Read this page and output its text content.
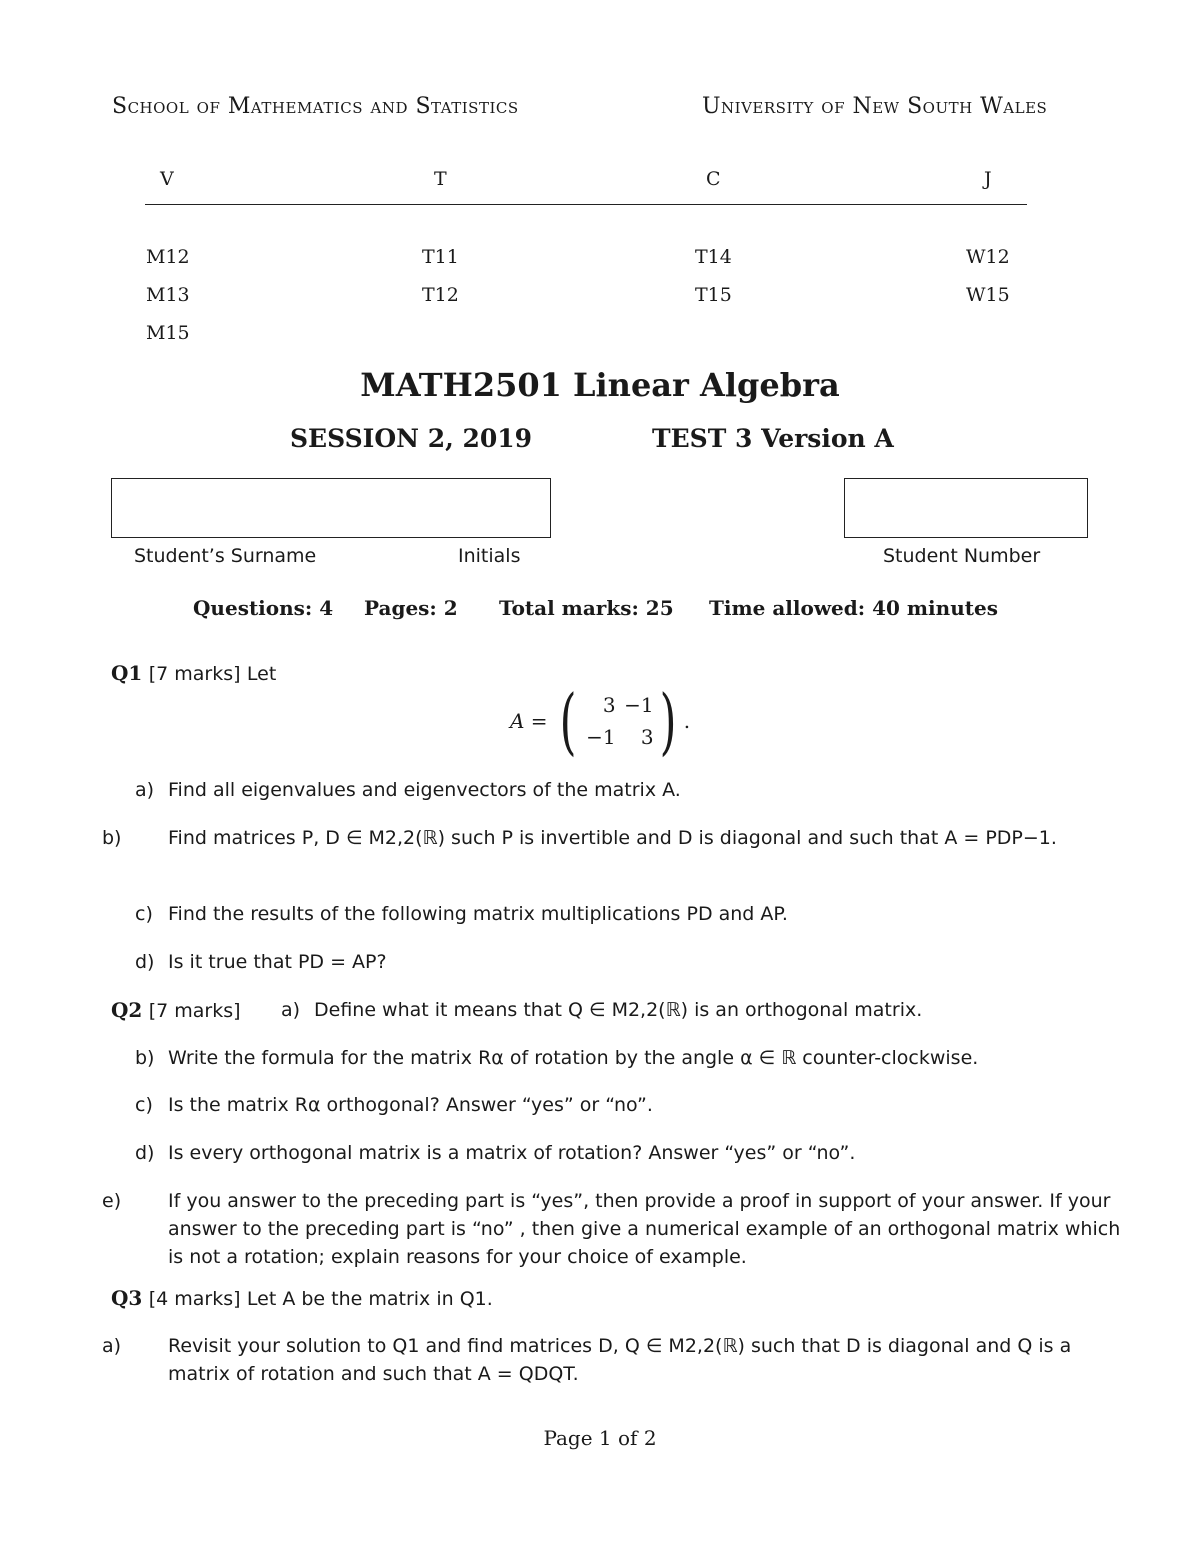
School of Mathematics and Statistics	University of New South Wales
V	T	C	J
M12	T11	T14	W12
M13	T12	T15	W15
M15
MATH2501 Linear Algebra
SESSION 2, 2019	TEST 3 Version A
Student’s Surname	Initials	Student Number
Questions: 4 Pages: 2 Total marks: 25 Time allowed: 40 minutes
Q1 [7 marks] Let
A = (	3 −1
−1	3 ) .
a) Find all eigenvalues and eigenvectors of the matrix A.
b) Find matrices P, D ∈ M2,2(ℝ) such P is invertible and D is diagonal and such that A = PDP−1.
c) Find the results of the following matrix multiplications PD and AP.
d) Is it true that PD = AP?
Q2 [7 marks] a) Define what it means that Q ∈ M2,2(ℝ) is an orthogonal matrix.
b) Write the formula for the matrix Rα of rotation by the angle α ∈ ℝ counter-clockwise.
c) Is the matrix Rα orthogonal? Answer “yes” or “no”.
d) Is every orthogonal matrix is a matrix of rotation? Answer “yes” or “no”.
e) If you answer to the preceding part is “yes”, then provide a proof in support of your answer. If your answer to the preceding part is “no” , then give a numerical example of an orthogonal matrix which is not a rotation; explain reasons for your choice of example.
Q3 [4 marks] Let A be the matrix in Q1.
a) Revisit your solution to Q1 and find matrices D, Q ∈ M2,2(ℝ) such that D is diagonal and Q is a matrix of rotation and such that A = QDQT.
Page 1 of 2
